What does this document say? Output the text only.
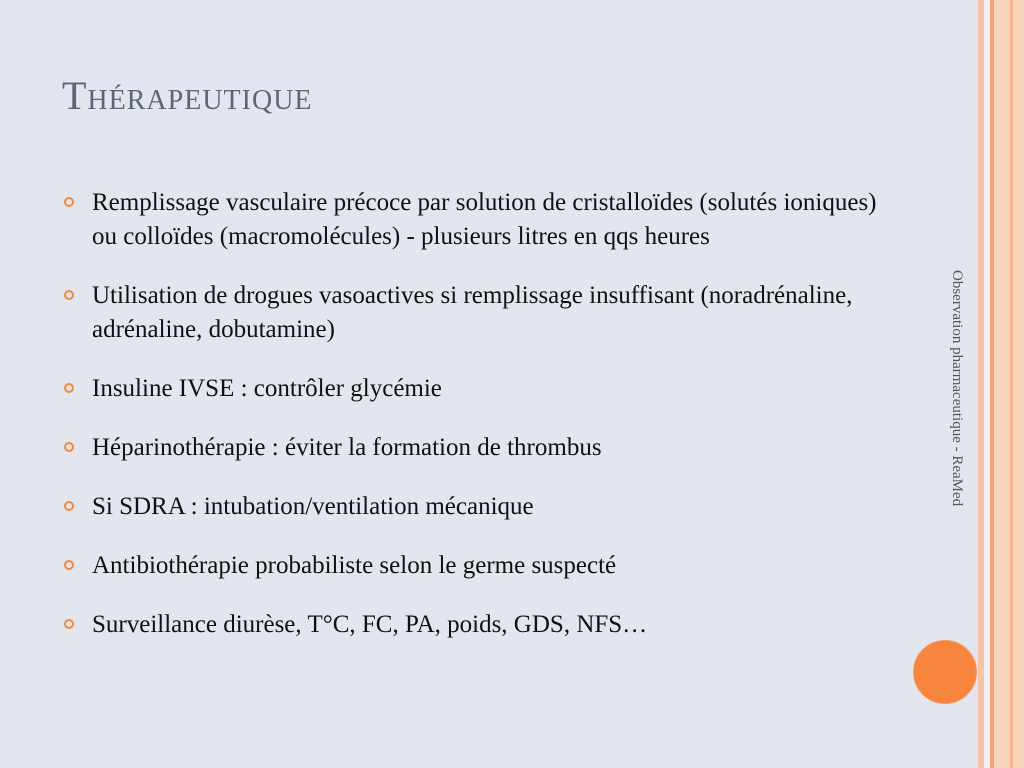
Thérapeutique
Remplissage vasculaire précoce par solution de cristalloïdes (solutés ioniques) ou colloïdes (macromolécules) - plusieurs litres en qqs heures
Utilisation de drogues vasoactives si remplissage insuffisant (noradrénaline, adrénaline, dobutamine)
Insuline IVSE : contrôler glycémie
Héparinothérapie : éviter la formation de thrombus
Si SDRA : intubation/ventilation mécanique
Antibiothérapie probabiliste selon le germe suspecté
Surveillance diurèse, T°C, FC, PA, poids, GDS, NFS…
Observation pharmaceutique - ReaMed
